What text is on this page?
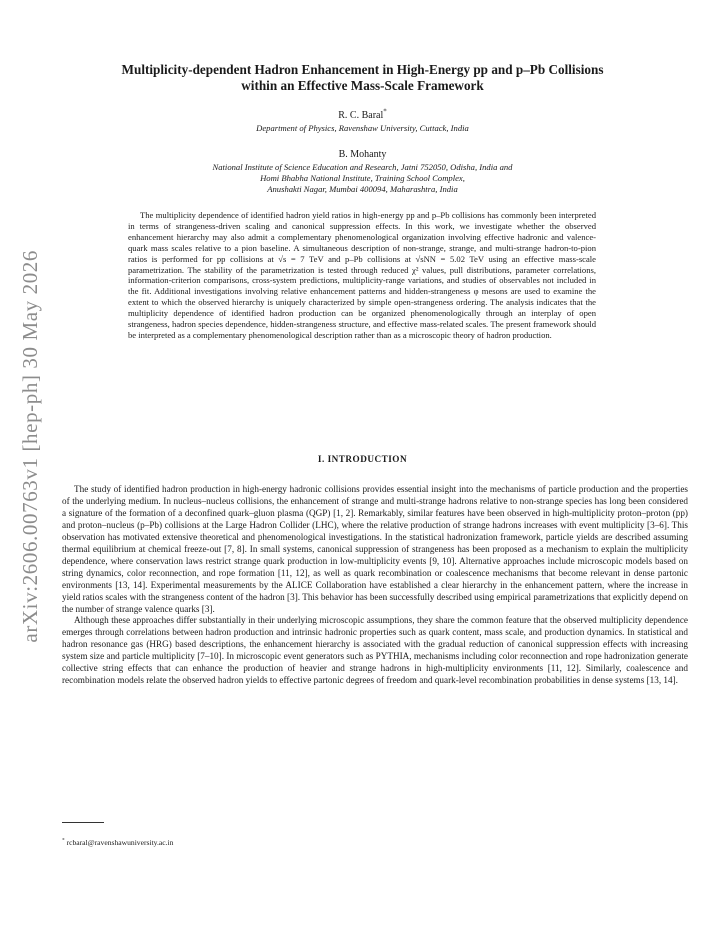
arXiv:2606.00763v1 [hep-ph] 30 May 2026
Multiplicity-dependent Hadron Enhancement in High-Energy pp and p–Pb Collisions
within an Effective Mass-Scale Framework
R. C. Baral*
Department of Physics, Ravenshaw University, Cuttack, India
B. Mohanty
National Institute of Science Education and Research, Jatni 752050, Odisha, India and
Homi Bhabha National Institute, Training School Complex,
Anushakti Nagar, Mumbai 400094, Maharashtra, India

The multiplicity dependence of identified hadron yield ratios in high-energy pp and p–Pb collisions has commonly been interpreted in terms of strangeness-driven scaling and canonical suppression effects. In this work, we investigate whether the observed enhancement hierarchy may also admit a complementary phenomenological organization involving effective hadronic and valence-quark mass scales relative to a pion baseline. A simultaneous description of non-strange, strange, and multi-strange hadron-to-pion ratios is performed for pp collisions at √s = 7 TeV and p–Pb collisions at √sNN = 5.02 TeV using an effective mass-scale parametrization. The stability of the parametrization is tested through reduced χ² values, pull distributions, parameter correlations, information-criterion comparisons, cross-system predictions, multiplicity-range variations, and studies of observables not included in the fit. Additional investigations involving relative enhancement patterns and hidden-strangeness φ mesons are used to examine the extent to which the observed hierarchy is uniquely characterized by simple open-strangeness ordering. The analysis indicates that the multiplicity dependence of identified hadron production can be organized phenomenologically through an interplay of open strangeness, hadron species dependence, hidden-strangeness structure, and effective mass-related scales. The present framework should be interpreted as a complementary phenomenological description rather than as a microscopic theory of hadron production.

I. INTRODUCTION

The study of identified hadron production in high-energy hadronic collisions provides essential insight into the mechanisms of particle production and the properties of the underlying medium. In nucleus–nucleus collisions, the enhancement of strange and multi-strange hadrons relative to non-strange species has long been considered a signature of the formation of a deconfined quark–gluon plasma (QGP) [1, 2]. Remarkably, similar features have been observed in high-multiplicity proton–proton (pp) and proton–nucleus (p–Pb) collisions at the Large Hadron Collider (LHC), where the relative production of strange hadrons increases with event multiplicity [3–6]. This observation has motivated extensive theoretical and phenomenological investigations. In the statistical hadronization framework, particle yields are described assuming thermal equilibrium at chemical freeze-out [7, 8]. In small systems, canonical suppression of strangeness has been proposed as a mechanism to explain the multiplicity dependence, where conservation laws restrict strange quark production in low-multiplicity events [9, 10]. Alternative approaches include microscopic models based on string dynamics, color reconnection, and rope formation [11, 12], as well as quark recombination or coalescence mechanisms that become relevant in dense partonic environments [13, 14]. Experimental measurements by the ALICE Collaboration have established a clear hierarchy in the enhancement pattern, where the increase in yield ratios scales with the strangeness content of the hadron [3]. This behavior has been successfully described using empirical parametrizations that explicitly depend on the number of strange valence quarks [3].

Although these approaches differ substantially in their underlying microscopic assumptions, they share the common feature that the observed multiplicity dependence emerges through correlations between hadron production and intrinsic hadronic properties such as quark content, mass scale, and production dynamics. In statistical and hadron resonance gas (HRG) based descriptions, the enhancement hierarchy is associated with the gradual reduction of canonical suppression effects with increasing system size and particle multiplicity [7–10]. In microscopic event generators such as PYTHIA, mechanisms including color reconnection and rope hadronization generate collective string effects that can enhance the production of heavier and strange hadrons in high-multiplicity environments [11, 12]. Similarly, coalescence and recombination models relate the observed hadron yields to effective partonic degrees of freedom and quark-level recombination probabilities in dense systems [13, 14].

* rcbaral@ravenshawuniversity.ac.in
